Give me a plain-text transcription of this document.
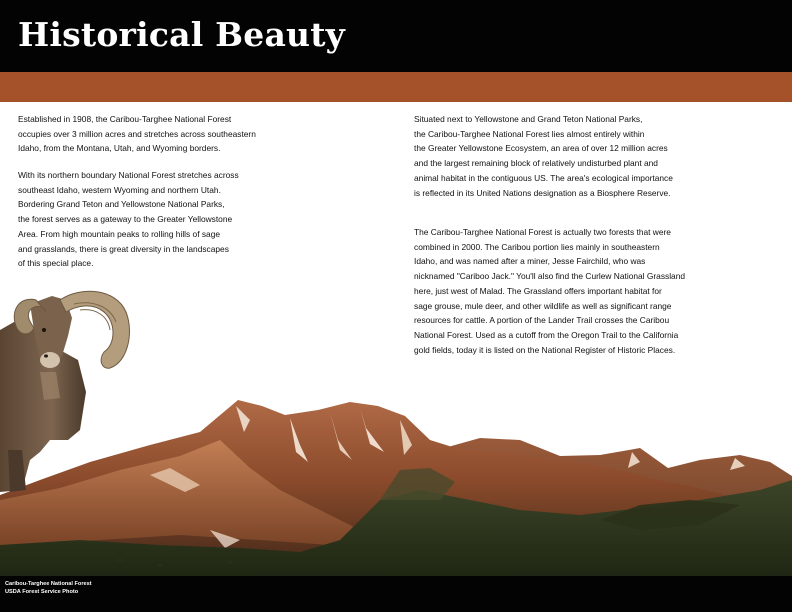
Historical Beauty

Established in 1908, the Caribou-Targhee National Forest
occupies over 3 million acres and stretches across southeastern
Idaho, from the Montana, Utah, and Wyoming borders.

With its northern boundary National Forest stretches across
southeast Idaho, western Wyoming and northern Utah.
Bordering Grand Teton and Yellowstone National Parks,
the forest serves as a gateway to the Greater Yellowstone
Area. From high mountain peaks to rolling hills of sage
and grasslands, there is great diversity in the landscapes
of this special place.

Situated next to Yellowstone and Grand Teton National Parks,
the Caribou-Targhee National Forest lies almost entirely within
the Greater Yellowstone Ecosystem, an area of over 12 million acres
and the largest remaining block of relatively undisturbed plant and
animal habitat in the contiguous US. The area's ecological importance
is reflected in its United Nations designation as a Biosphere Reserve.

The Caribou-Targhee National Forest is actually two forests that were
combined in 2000. The Caribou portion lies mainly in southeastern
Idaho, and was named after a miner, Jesse Fairchild, who was
nicknamed "Cariboo Jack." You'll also find the Curlew National Grassland
here, just west of Malad. The Grassland offers important habitat for
sage grouse, mule deer, and other wildlife as well as significant range
resources for cattle. A portion of the Lander Trail crosses the Caribou
National Forest. Used as a cutoff from the Oregon Trail to the California
gold fields, today it is listed on the National Register of Historic Places.

Caribou-Targhee National Forest

USDA Forest Service Photo
